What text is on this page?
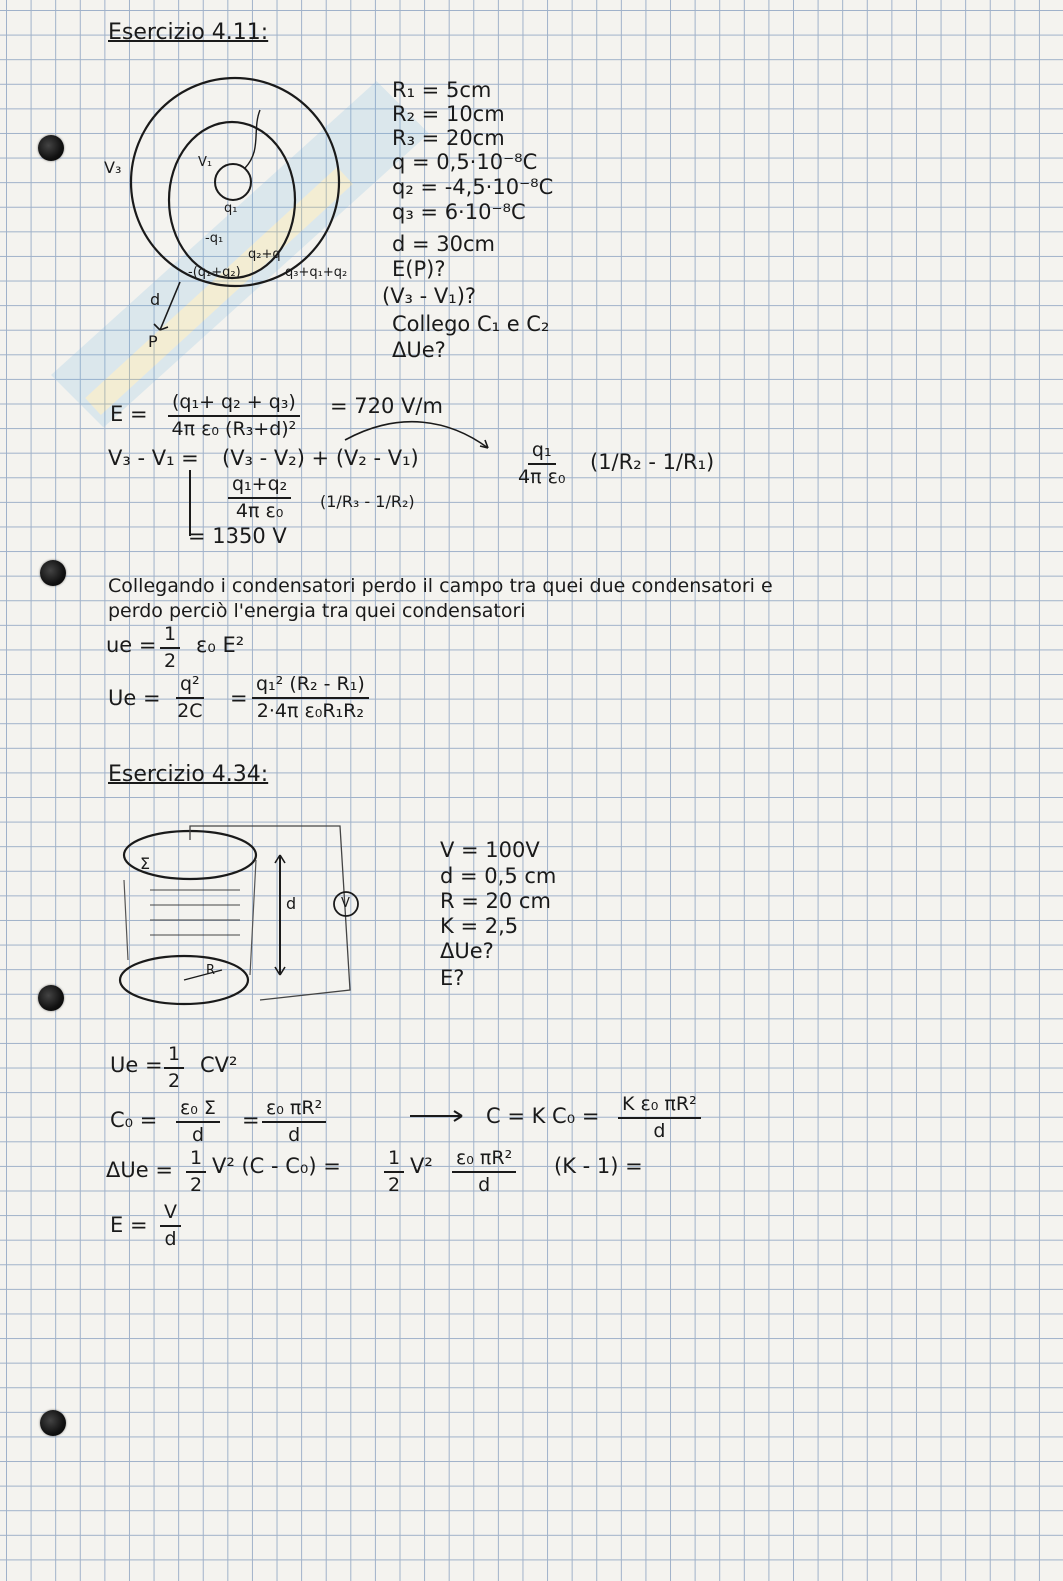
Esercizio 4.11:
V₃	V₁
q₁
-q₁
q₂+q
-(q₁+q₂)	q₃+q₁+q₂
d
P
R₁ = 5cm
R₂ = 10cm
R₃ = 20cm
q = 0,5·10⁻⁸C
q₂ = -4,5·10⁻⁸C
q₃ = 6·10⁻⁸C
d = 30cm
E(P)?
(V₃ - V₁)?
Collego C₁ e C₂
ΔUe?
$E = \frac{\text{(q₁+ q₂ + q₃)}}{\text{4π ε₀ (R₃+d)²}} = 720$ V/m
V₃ - V₁ = (V₃ - V₂) + (V₂ - V₁)
$\frac{\text{q₁+q₂}}{\text{4π ε₀}} (1/R_3 - 1/R_2)$
$\frac{\text{q₁}}{\text{4π ε₀}} (1/R_2 - 1/R_1)$
= 1350 V
Collegando i condensatori perdo il campo tra quei due condensatori e
perdo perciò l'energia tra quei condensatori
ue = $\frac{1}{2} \varepsilon_0$ E²
$Ue = \frac{\text{q²}}{2C} = \frac{\text{q₁² (R₂ - R₁)}}{\text{2·4π ε₀R₁R₂}}$
Esercizio 4.34:
Σ
d	V
R
V = 100V
d = 0,5 cm
R = 20 cm
K = 2,5
ΔUe?
E?
$Ue = \frac{1}{2} CV^2$
$C_0 = \frac{\text{ε₀ Σ}}{d} = \frac{\text{ε₀ πR²}}{d}$	C = K $C_0 = \frac{\text{K ε₀ πR²}}{d}$
$\Delta Ue = \frac{1}{2} V^2$ $(C - C_0) = \frac{1}{2} V^2 \frac{\text{ε₀ πR²}}{d} (K - 1)$ =
$E = \frac{V}{d}$
